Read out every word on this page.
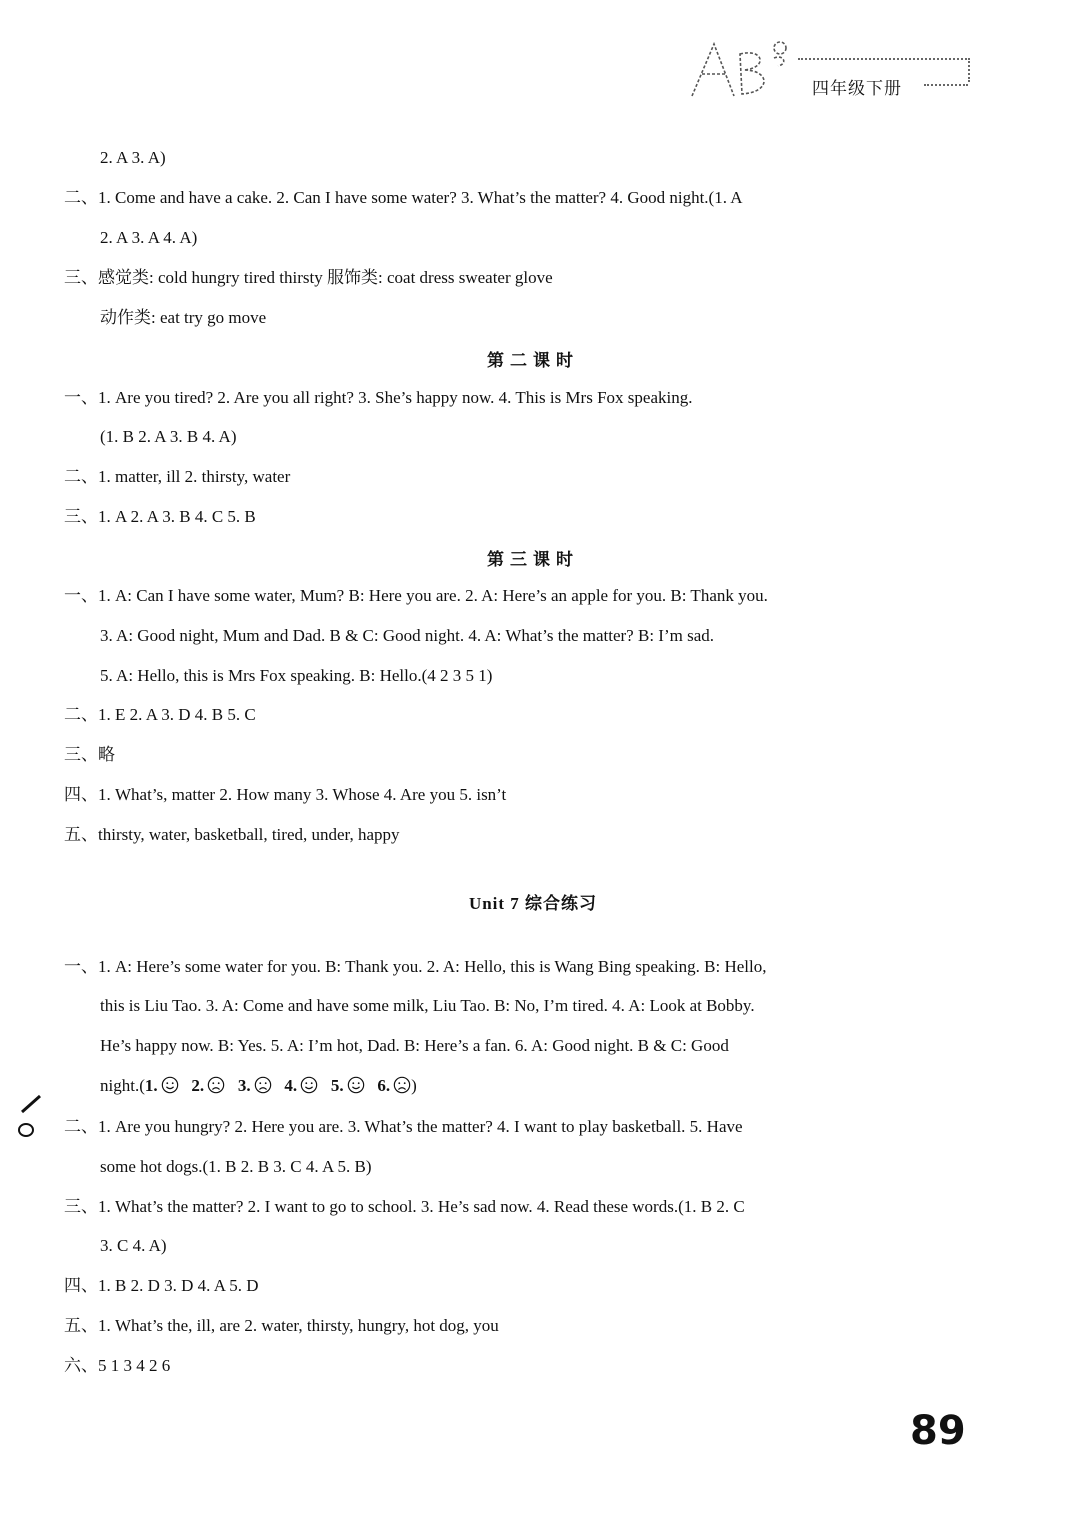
四年级下册
2. A 3. A)
二、1. Come and have a cake. 2. Can I have some water? 3. What’s the matter? 4. Good night.(1. A
2. A 3. A 4. A)
三、感觉类: cold hungry tired thirsty 服饰类: coat dress sweater glove
动作类: eat try go move
第二课时
一、1. Are you tired? 2. Are you all right? 3. She’s happy now. 4. This is Mrs Fox speaking.
(1. B 2. A 3. B 4. A)
二、1. matter, ill 2. thirsty, water
三、1. A 2. A 3. B 4. C 5. B
第三课时
一、1. A: Can I have some water, Mum? B: Here you are. 2. A: Here’s an apple for you. B: Thank you.
3. A: Good night, Mum and Dad. B & C: Good night. 4. A: What’s the matter? B: I’m sad.
5. A: Hello, this is Mrs Fox speaking. B: Hello.(4 2 3 5 1)
二、1. E 2. A 3. D 4. B 5. C
三、略
四、1. What’s, matter 2. How many 3. Whose 4. Are you 5. isn’t
五、thirsty, water, basketball, tired, under, happy
Unit 7 综合练习
一、1. A: Here’s some water for you. B: Thank you. 2. A: Hello, this is Wang Bing speaking. B: Hello,
this is Liu Tao. 3. A: Come and have some milk, Liu Tao. B: No, I’m tired. 4. A: Look at Bobby.
He’s happy now. B: Yes. 5. A: I’m hot, Dad. B: Here’s a fan. 6. A: Good night. B & C: Good
night.(1. 2. 3. 4. 5. 6. )
二、1. Are you hungry? 2. Here you are. 3. What’s the matter? 4. I want to play basketball. 5. Have
some hot dogs.(1. B 2. B 3. C 4. A 5. B)
三、1. What’s the matter? 2. I want to go to school. 3. He’s sad now. 4. Read these words.(1. B 2. C
3. C 4. A)
四、1. B 2. D 3. D 4. A 5. D
五、1. What’s the, ill, are 2. water, thirsty, hungry, hot dog, you
六、5 1 3 4 2 6
89
